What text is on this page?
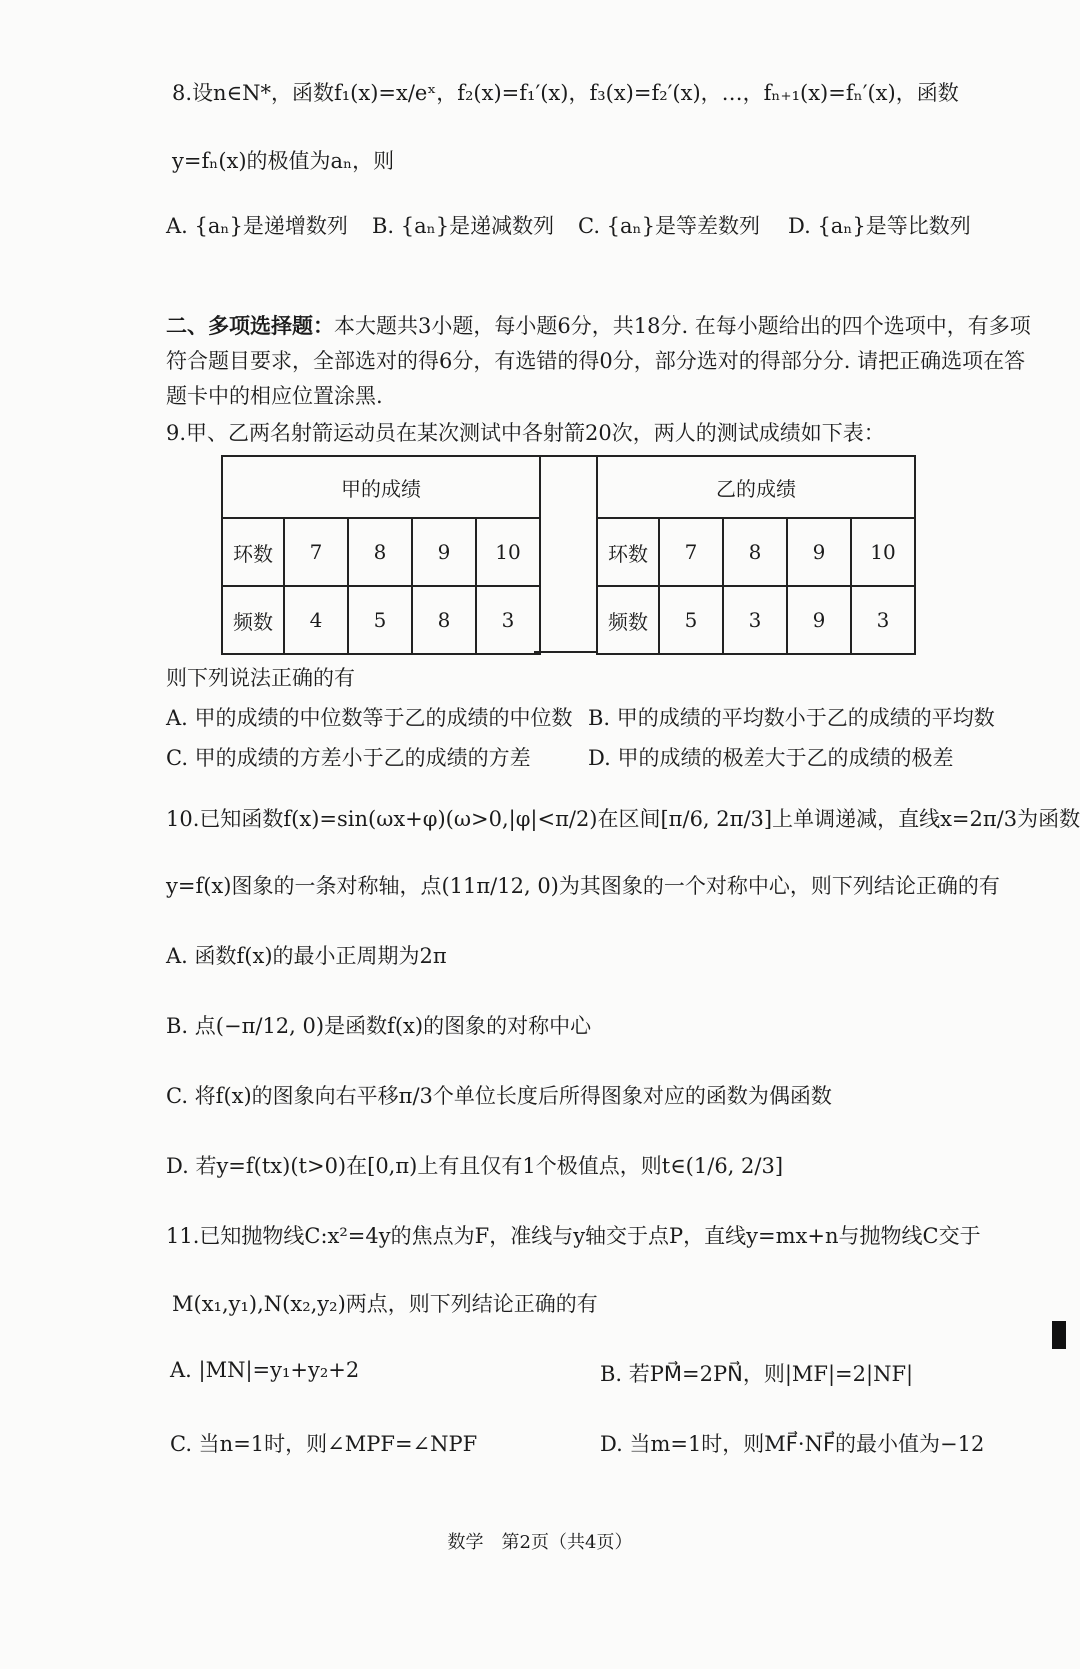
8.设n∈N*，函数f₁(x)=x/eˣ，f₂(x)=f₁′(x)，f₃(x)=f₂′(x)，…，fₙ₊₁(x)=fₙ′(x)，函数
y=fₙ(x)的极值为aₙ，则
A. {aₙ}是递增数列 B. {aₙ}是递减数列 C. {aₙ}是等差数列 D. {aₙ}是等比数列
二、多项选择题：本大题共3小题，每小题6分，共18分. 在每小题给出的四个选项中，有多项
符合题目要求，全部选对的得6分，有选错的得0分，部分选对的得部分分. 请把正确选项在答
题卡中的相应位置涂黑.
9.甲、乙两名射箭运动员在某次测试中各射箭20次，两人的测试成绩如下表：
甲的成绩				
环数	7	8	9	10
频数	4	5	8	3
乙的成绩				
环数	7	8	9	10
频数	5	3	9	3
则下列说法正确的有
A. 甲的成绩的中位数等于乙的成绩的中位数 B. 甲的成绩的平均数小于乙的成绩的平均数
C. 甲的成绩的方差小于乙的成绩的方差	D. 甲的成绩的极差大于乙的成绩的极差
10.已知函数f(x)=sin(ωx+φ)(ω>0,|φ|<π/2)在区间[π/6, 2π/3]上单调递减，直线x=2π/3为函数
y=f(x)图象的一条对称轴，点(11π/12, 0)为其图象的一个对称中心，则下列结论正确的有
A. 函数f(x)的最小正周期为2π
B. 点(−π/12, 0)是函数f(x)的图象的对称中心
C. 将f(x)的图象向右平移π/3个单位长度后所得图象对应的函数为偶函数
D. 若y=f(tx)(t>0)在[0,π)上有且仅有1个极值点，则t∈(1/6, 2/3]
11.已知抛物线C:x²=4y的焦点为F，准线与y轴交于点P，直线y=mx+n与抛物线C交于
M(x₁,y₁),N(x₂,y₂)两点，则下列结论正确的有
A. |MN|=y₁+y₂+2	B. 若PM⃗=2PN⃗，则|MF|=2|NF|
C. 当n=1时，则∠MPF=∠NPF	D. 当m=1时，则MF⃗·NF⃗的最小值为−12
数学　第2页（共4页）
